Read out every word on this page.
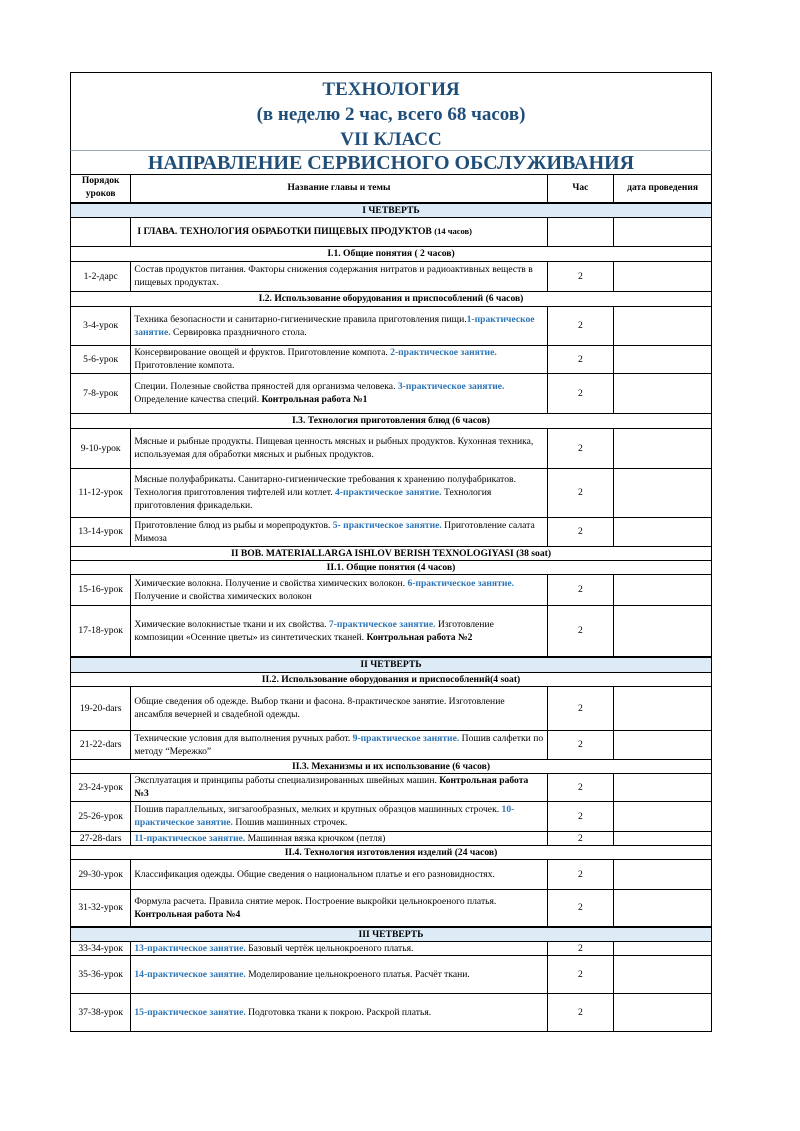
ТЕХНОЛОГИЯ
(в неделю 2 час, всего 68 часов)
VII КЛАСС
НАПРАВЛЕНИЕ СЕРВИСНОГО ОБСЛУЖИВАНИЯ
Порядок уроков	Название главы и темы	Час	дата проведения
I ЧЕТВЕРТЬ			
	I ГЛАВА. ТЕХНОЛОГИЯ ОБРАБОТКИ ПИЩЕВЫХ ПРОДУКТОВ (14 часов)		
I.1. Общие понятия ( 2 часов)			
1-2-дарс	Состав продуктов питания. Факторы снижения содержания нитратов и радиоактивных веществ в пищевых продуктах.	2	
I.2. Использование оборудования и приспособлений (6 часов)			
3-4-урок	Техника безопасности и санитарно-гигиенические правила приготовления пищи.1-практическое занятие. Сервировка праздничного стола.	2	
5-6-урок	Консервирование овощей и фруктов. Приготовление компота. 2-практическое занятие. Приготовление компота.	2	
7-8-урок	Специи. Полезные свойства пряностей для организма человека. 3-практическое занятие. Определение качества специй. Контрольная работа №1	2	
I.3. Технология приготовления блюд (6 часов)			
9-10-урок	Мясные и рыбные продукты. Пищевая ценность мясных и рыбных продуктов. Кухонная техника, используемая для обработки мясных и рыбных продуктов.	2	
11-12-урок	Мясные полуфабрикаты. Санитарно-гигиенические требования к хранению полуфабрикатов. Технология приготовления тифтелей или котлет. 4-практическое занятие. Технология приготовления фрикадельки.	2	
13-14-урок	Приготовление блюд из рыбы и морепродуктов. 5- практическое занятие. Приготовление салата Мимоза	2	
II BOB. MATERIALLARGA ISHLOV BERISH TEXNOLOGIYASI (38 soat)			
II.1. Общие понятия (4 часов)			
15-16-урок	Химические волокна. Получение и свойства химических волокон. 6-практическое занятие. Получение и свойства химических волокон	2	
17-18-урок	Химические волокнистые ткани и их свойства. 7-практическое занятие. Изготовление композиции «Осенние цветы» из синтетических тканей. Контрольная работа №2	2	
II ЧЕТВЕРТЬ			
II.2. Использование оборудования и приспособлений(4 soat)			
19-20-dars	Общие сведения об одежде. Выбор ткани и фасона. 8-практическое занятие. Изготовление ансамбля вечерней и свадебной одежды.	2	
21-22-dars	Технические условия для выполнения ручных работ. 9-практическое занятие. Пошив салфетки по методу “Мережко”	2	
II.3. Механизмы и их использование (6 часов)			
23-24-урок	Эксплуатация и принципы работы специализированных швейных машин. Контрольная работа №3	2	
25-26-урок	Пошив параллельных, зигзагообразных, мелких и крупных образцов машинных строчек. 10-практическое занятие. Пошив машинных строчек.	2	
27-28-dars	11-практическое занятие. Машинная вязка крючком (петля)	2	
II.4. Технология изготовления изделий (24 часов)			
29-30-урок	Классификация одежды. Общие сведения о национальном платье и его разновидностях.	2	
31-32-урок	Формула расчета. Правила снятие мерок. Построение выкройки цельнокроеного платья. Контрольная работа №4	2	
III ЧЕТВЕРТЬ			
33-34-урок	13-практическое занятие. Базовый чертёж цельнокроеного платья.	2	
35-36-урок	14-практическое занятие. Моделирование цельнокроеного платья. Расчёт ткани.	2	
37-38-урок	15-практическое занятие. Подготовка ткани к покрою. Раскрой платья.	2	
